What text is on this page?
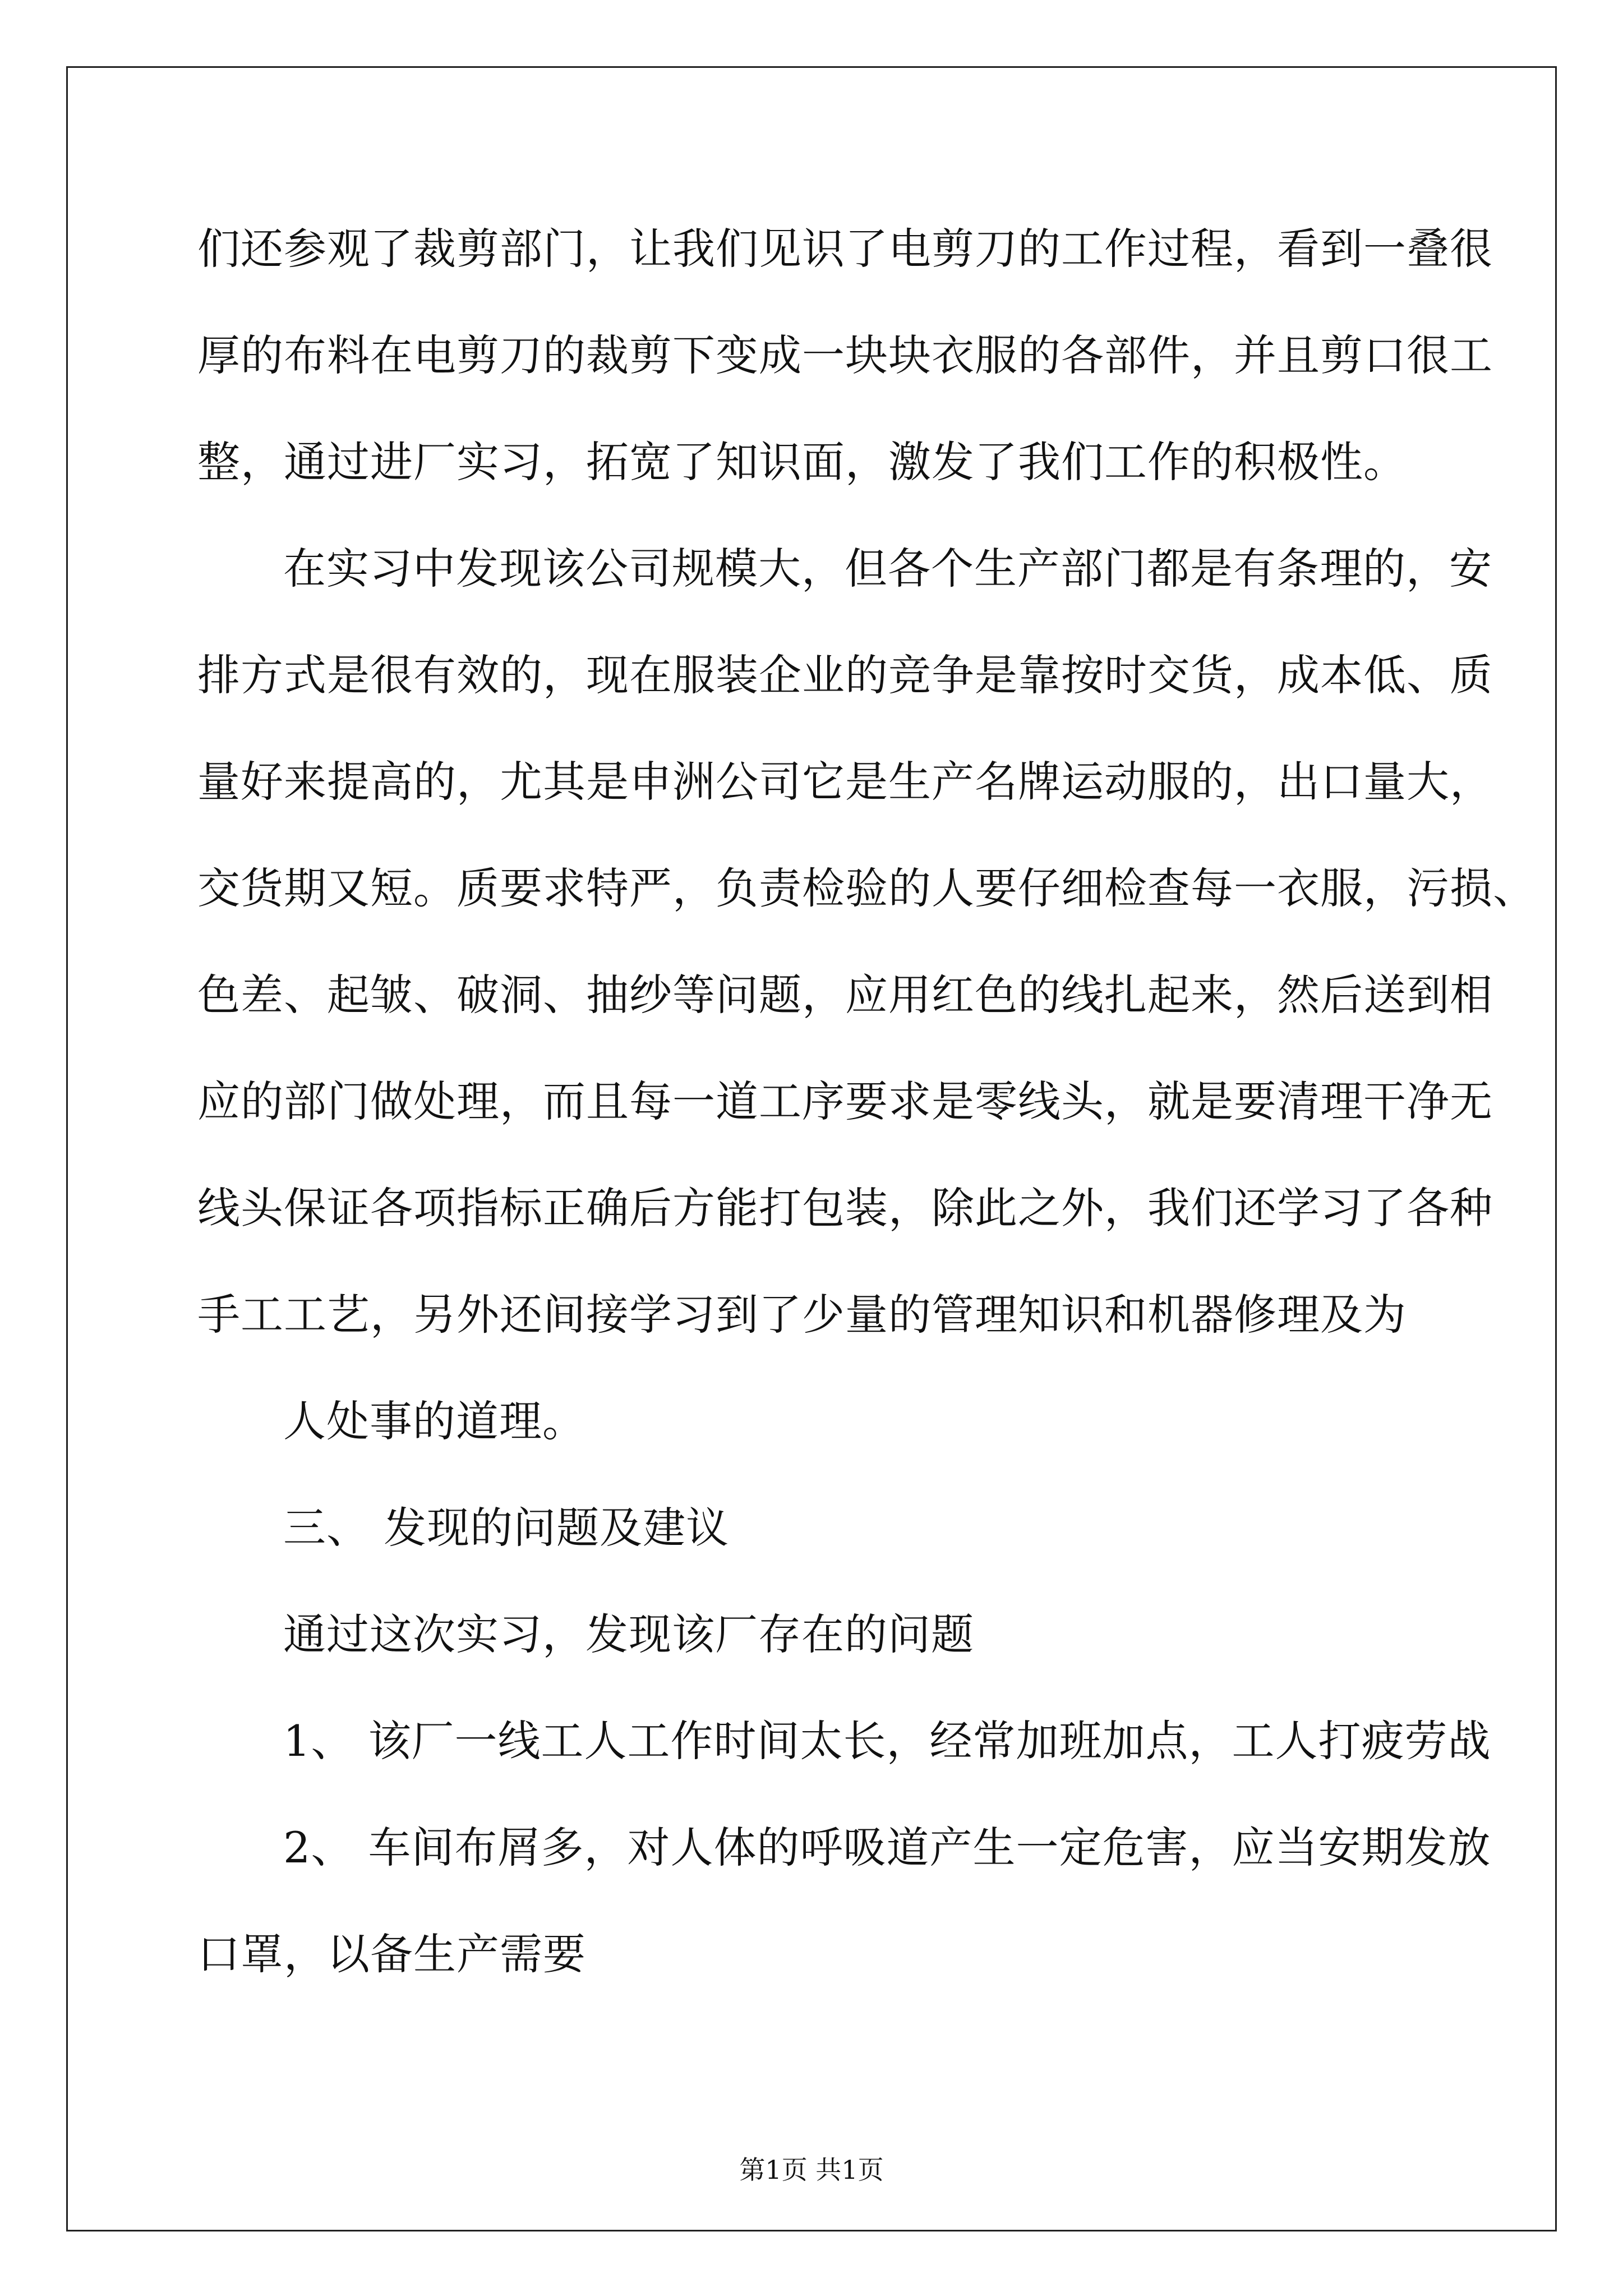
们还参观了裁剪部门，让我们见识了电剪刀的工作过程，看到一叠很
厚的布料在电剪刀的裁剪下变成一块块衣服的各部件，并且剪口很工
整，通过进厂实习，拓宽了知识面，激发了我们工作的积极性。
在实习中发现该公司规模大，但各个生产部门都是有条理的，安
排方式是很有效的，现在服装企业的竞争是靠按时交货，成本低、质
量好来提高的，尤其是申洲公司它是生产名牌运动服的，出口量大，
交货期又短。质要求特严，负责检验的人要仔细检查每一衣服，污损、
色差、起皱、破洞、抽纱等问题，应用红色的线扎起来，然后送到相
应的部门做处理，而且每一道工序要求是零线头，就是要清理干净无
线头保证各项指标正确后方能打包装，除此之外，我们还学习了各种
手工工艺，另外还间接学习到了少量的管理知识和机器修理及为
人处事的道理。
三、 发现的问题及建议
通过这次实习，发现该厂存在的问题
1、 该厂一线工人工作时间太长，经常加班加点，工人打疲劳战
2、 车间布屑多，对人体的呼吸道产生一定危害，应当安期发放
口罩，以备生产需要
第1页 共1页
